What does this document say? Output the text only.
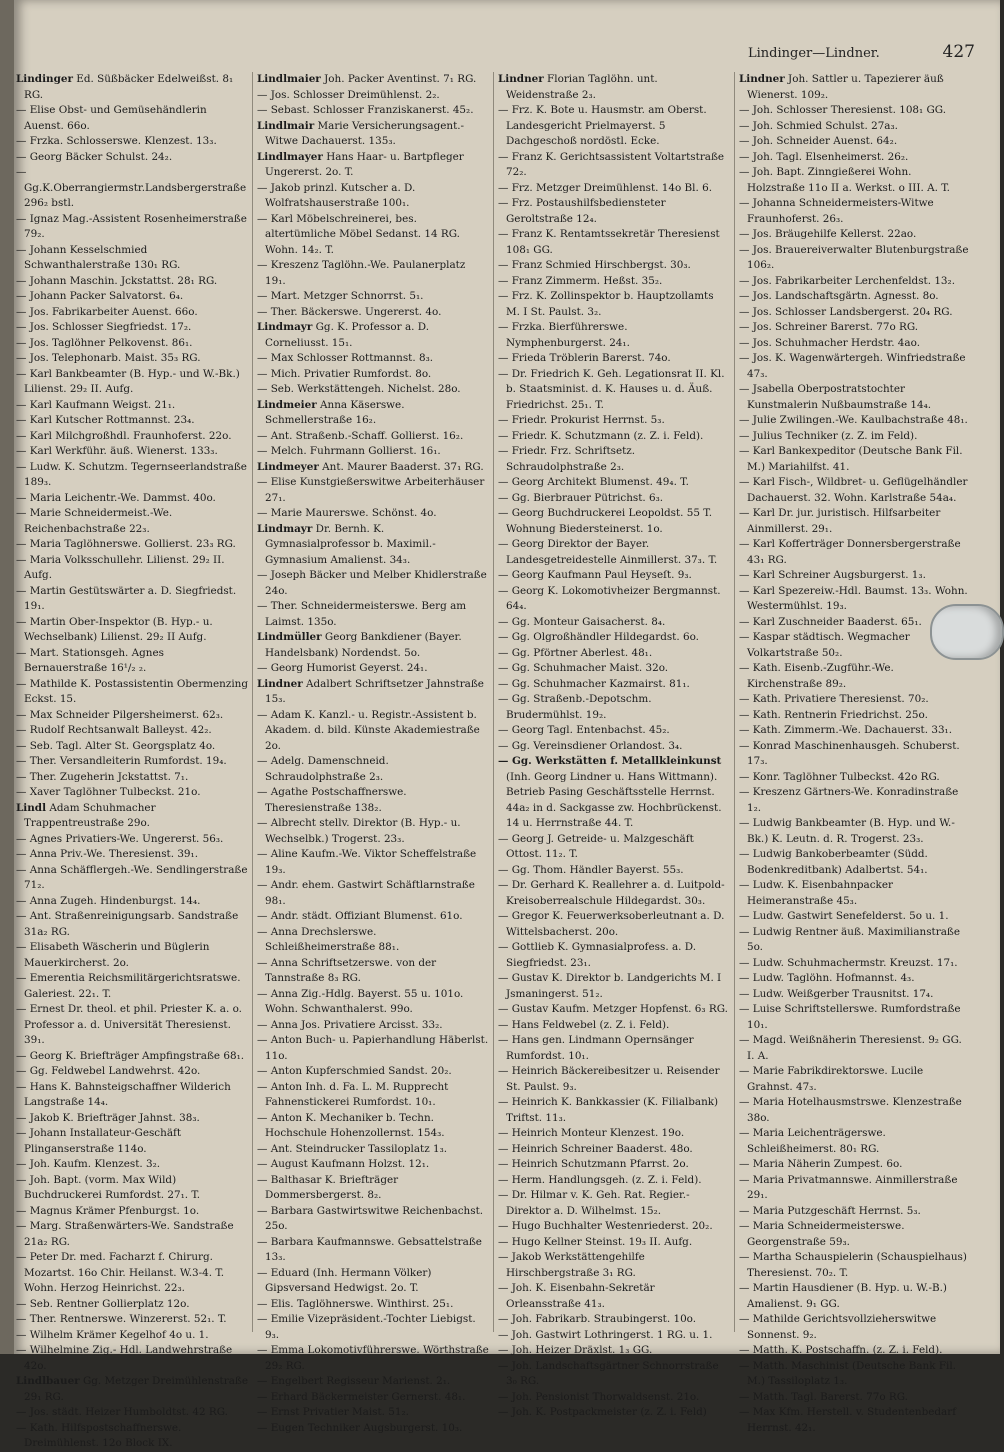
Lindinger—Lindner.	427

Lindinger Ed. Süßbäcker Edelweißst. 8₁ RG.

— Elise Obst- und Gemüsehändlerin Auenst. 66o.

— Frzka. Schlosserswe. Klenzest. 13₃.

— Georg Bäcker Schulst. 24₂.

— Gg.K.Oberrangiermstr.Landsbergerstraße 296₂ bstl.

— Ignaz Mag.-Assistent Rosenheimerstraße 79₂.

— Johann Kesselschmied Schwanthalerstraße 130₁ RG.

— Johann Maschin. Jckstattst. 28₁ RG.

— Johann Packer Salvatorst. 6₄.

— Jos. Fabrikarbeiter Auenst. 66o.

— Jos. Schlosser Siegfriedst. 17₂.

— Jos. Taglöhner Pelkovenst. 86₁.

— Jos. Telephonarb. Maist. 35₃ RG.

— Karl Bankbeamter (B. Hyp.- und W.-Bk.) Lilienst. 29₂ II. Aufg.

— Karl Kaufmann Weigst. 21₁.

— Karl Kutscher Rottmannst. 23₄.

— Karl Milchgroßhdl. Fraunhoferst. 22o.

— Karl Werkführ. äuß. Wienerst. 133₃.

— Ludw. K. Schutzm. Tegernseerlandstraße 189₃.

— Maria Leichentr.-We. Dammst. 40o.

— Marie Schneidermeist.-We. Reichenbachstraße 22₃.

— Maria Taglöhnerswe. Gollierst. 23₃ RG.

— Maria Volksschullehr. Lilienst. 29₂ II. Aufg.

— Martin Gestütswärter a. D. Siegfriedst. 19₁.

— Martin Ober-Inspektor (B. Hyp.- u. Wechselbank) Lilienst. 29₂ II Aufg.

— Mart. Stationsgeh. Agnes Bernauerstraße 16¹/₂ ₂.

— Mathilde K. Postassistentin Obermenzing Eckst. 15.

— Max Schneider Pilgersheimerst. 62₃.

— Rudolf Rechtsanwalt Balleyst. 42₂.

— Seb. Tagl. Alter St. Georgsplatz 4o.

— Ther. Versandleiterin Rumfordst. 19₄.

— Ther. Zugeherin Jckstattst. 7₁.

— Xaver Taglöhner Tulbeckst. 21o.

Lindl Adam Schuhmacher Trappentreustraße 29o.

— Agnes Privatiers-We. Ungererst. 56₃.

— Anna Priv.-We. Theresienst. 39₁.

— Anna Schäfflergeh.-We. Sendlingerstraße 71₂.

— Anna Zugeh. Hindenburgst. 14₄.

— Ant. Straßenreinigungsarb. Sandstraße 31a₂ RG.

— Elisabeth Wäscherin und Büglerin Mauerkircherst. 2o.

— Emerentia Reichsmilitärgerichtsratswe. Galeriest. 22₁. T.

— Ernest Dr. theol. et phil. Priester K. a. o. Professor a. d. Universität Theresienst. 39₁.

— Georg K. Briefträger Ampfingstraße 68₁.

— Gg. Feldwebel Landwehrst. 42o.

— Hans K. Bahnsteigschaffner Wilderich Langstraße 14₄.

— Jakob K. Briefträger Jahnst. 38₃.

— Johann Installateur-Geschäft Plinganserstraße 114o.

— Joh. Kaufm. Klenzest. 3₂.

— Joh. Bapt. (vorm. Max Wild) Buchdruckerei Rumfordst. 27₁. T.

— Magnus Krämer Pfenburgst. 1o.

— Marg. Straßenwärters-We. Sandstraße 21a₂ RG.

— Peter Dr. med. Facharzt f. Chirurg. Mozartst. 16o Chir. Heilanst. W.3-4. T. Wohn. Herzog Heinrichst. 22₃.

— Seb. Rentner Gollierplatz 12o.

— Ther. Rentnerswe. Winzererst. 52₁. T.

— Wilhelm Krämer Kegelhof 4o u. 1.

— Wilhelmine Zig.- Hdl. Landwehrstraße 42o.

Lindlbauer Gg. Metzger Dreimühlenstraße 29₁ RG.

— Jos. städt. Heizer Humboldtst. 42 RG.

— Kath. Hilfspostschaffnerswe. Dreimühlenst. 12o Block IX.

Lindlmaier Joh. Packer Aventinst. 7₁ RG.

— Jos. Schlosser Dreimühlenst. 2₂.

— Sebast. Schlosser Franziskanerst. 45₂.

Lindlmair Marie Versicherungsagent.-Witwe Dachauerst. 135₃.

Lindlmayer Hans Haar- u. Bartpfleger Ungererst. 2o. T.

— Jakob prinzl. Kutscher a. D. Wolfratshauserstraße 100₁.

— Karl Möbelschreinerei, bes. altertümliche Möbel Sedanst. 14 RG. Wohn. 14₂. T.

— Kreszenz Taglöhn.-We. Paulanerplatz 19₁.

— Mart. Metzger Schnorrst. 5₁.

— Ther. Bäckerswe. Ungererst. 4o.

Lindmayr Gg. K. Professor a. D. Corneliusst. 15₁.

— Max Schlosser Rottmannst. 8₃.

— Mich. Privatier Rumfordst. 8o.

— Seb. Werkstättengeh. Nichelst. 28o.

Lindmeier Anna Käserswe. Schmellerstraße 16₂.

— Ant. Straßenb.-Schaff. Gollierst. 16₂.

— Melch. Fuhrmann Gollierst. 16₁.

Lindmeyer Ant. Maurer Baaderst. 37₁ RG.

— Elise Kunstgießerswitwe Arbeiterhäuser 27₁.

— Marie Maurerswe. Schönst. 4o.

Lindmayr Dr. Bernh. K. Gymnasialprofessor b. Maximil.-Gymnasium Amalienst. 34₃.

— Joseph Bäcker und Melber Khidlerstraße 24o.

— Ther. Schneidermeisterswe. Berg am Laimst. 135o.

Lindmüller Georg Bankdiener (Bayer. Handelsbank) Nordendst. 5o.

— Georg Humorist Geyerst. 24₁.

Lindner Adalbert Schriftsetzer Jahnstraße 15₃.

— Adam K. Kanzl.- u. Registr.-Assistent b. Akadem. d. bild. Künste Akademiestraße 2o.

— Adelg. Damenschneid. Schraudolphstraße 2₃.

— Agathe Postschaffnerswe. Theresienstraße 138₂.

— Albrecht stellv. Direktor (B. Hyp.- u. Wechselbk.) Trogerst. 23₃.

— Aline Kaufm.-We. Viktor Scheffelstraße 19₃.

— Andr. ehem. Gastwirt Schäftlarnstraße 98₁.

— Andr. städt. Offiziant Blumenst. 61o.

— Anna Drechslerswe. Schleißheimerstraße 88₁.

— Anna Schriftsetzerswe. von der Tannstraße 8₃ RG.

— Anna Zig.-Hdlg. Bayerst. 55 u. 101o. Wohn. Schwanthalerst. 99o.

— Anna Jos. Privatiere Arcisst. 33₂.

— Anton Buch- u. Papierhandlung Häberlst. 11o.

— Anton Kupferschmied Sandst. 20₂.

— Anton Inh. d. Fa. L. M. Rupprecht Fahnenstickerei Rumfordst. 10₁.

— Anton K. Mechaniker b. Techn. Hochschule Hohenzollernst. 154₃.

— Ant. Steindrucker Tassiloplatz 1₃.

— August Kaufmann Holzst. 12₁.

— Balthasar K. Briefträger Dommersbergerst. 8₂.

— Barbara Gastwirtswitwe Reichenbachst. 25o.

— Barbara Kaufmannswe. Gebsattelstraße 13₃.

— Eduard (Inh. Hermann Völker) Gipsversand Hedwigst. 2o. T.

— Elis. Taglöhnerswe. Winthirst. 25₁.

— Emilie Vizepräsident.-Tochter Liebigst. 9₃.

— Emma Lokomotivführerswe. Wörthstraße 29₂ RG.

— Engelbert Regisseur Marienst. 2₁.

— Erhard Bäckermeister Gernerst. 48₁.

— Ernst Privatier Maist. 51₂.

— Eugen Techniker Augsburgerst. 10₃.

Lindner Florian Taglöhn. unt. Weidenstraße 2₃.

— Frz. K. Bote u. Hausmstr. am Oberst. Landesgericht Prielmayerst. 5 Dachgeschoß nordöstl. Ecke.

— Franz K. Gerichtsassistent Voltartstraße 72₂.

— Frz. Metzger Dreimühlenst. 14o Bl. 6.

— Frz. Postaushilfsbediensteter Geroltstraße 12₄.

— Franz K. Rentamtssekretär Theresienst 108₁ GG.

— Franz Schmied Hirschbergst. 30₃.

— Franz Zimmerm. Heßst. 35₂.

— Frz. K. Zollinspektor b. Hauptzollamts M. I St. Paulst. 3₂.

— Frzka. Bierführerswe. Nymphenburgerst. 24₁.

— Frieda Tröblerin Barerst. 74o.

— Dr. Friedrich K. Geh. Legationsrat II. Kl. b. Staatsminist. d. K. Hauses u. d. Äuß. Friedrichst. 25₁. T.

— Friedr. Prokurist Herrnst. 5₃.

— Friedr. K. Schutzmann (z. Z. i. Feld).

— Friedr. Frz. Schriftsetz. Schraudolphstraße 2₃.

— Georg Architekt Blumenst. 49₄. T.

— Gg. Bierbrauer Pütrichst. 6₃.

— Georg Buchdruckerei Leopoldst. 55 T. Wohnung Biedersteinerst. 1o.

— Georg Direktor der Bayer. Landesgetreidestelle Ainmillerst. 37₃. T.

— Georg Kaufmann Paul Heyseſt. 9₃.

— Georg K. Lokomotivheizer Bergmannst. 64₄.

— Gg. Monteur Gaisacherst. 8₄.

— Gg. Olgroßhändler Hildegardst. 6o.

— Gg. Pförtner Aberlest. 48₁.

— Gg. Schuhmacher Maist. 32o.

— Gg. Schuhmacher Kazmairst. 81₁.

— Gg. Straßenb.-Depotschm. Brudermühlst. 19₂.

— Georg Tagl. Entenbachst. 45₂.

— Gg. Vereinsdiener Orlandost. 3₄.

— Gg. Werkstätten f. Metallkleinkunst (Inh. Georg Lindner u. Hans Wittmann). Betrieb Pasing Geschäftsstelle Herrnst. 44a₂ in d. Sackgasse zw. Hochbrückenst. 14 u. Herrnstraße 44. T.

— Georg J. Getreide- u. Malzgeschäft Ottost. 11₂. T.

— Gg. Thom. Händler Bayerst. 55₃.

— Dr. Gerhard K. Reallehrer a. d. Luitpold-Kreisoberrealschule Hildegardst. 30₃.

— Gregor K. Feuerwerksoberleutnant a. D. Wittelsbacherst. 20o.

— Gottlieb K. Gymnasialprofess. a. D. Siegfriedst. 23₁.

— Gustav K. Direktor b. Landgerichts M. I Jsmaningerst. 51₂.

— Gustav Kaufm. Metzger Hopfenst. 6₃ RG.

— Hans Feldwebel (z. Z. i. Feld).

— Hans gen. Lindmann Opernsänger Rumfordst. 10₁.

— Heinrich Bäckereibesitzer u. Reisender St. Paulst. 9₃.

— Heinrich K. Bankkassier (K. Filialbank) Triftst. 11₃.

— Heinrich Monteur Klenzest. 19o.

— Heinrich Schreiner Baaderst. 48o.

— Heinrich Schutzmann Pfarrst. 2o.

— Herm. Handlungsgeh. (z. Z. i. Feld).

— Dr. Hilmar v. K. Geh. Rat. Regier.-Direktor a. D. Wilhelmst. 15₂.

— Hugo Buchhalter Westenriederst. 20₂.

— Hugo Kellner Steinst. 19₃ II. Aufg.

— Jakob Werkstättengehilfe Hirschbergstraße 3₁ RG.

— Joh. K. Eisenbahn-Sekretär Orleansstraße 41₃.

— Joh. Fabrikarb. Straubingerst. 10o.

— Joh. Gastwirt Lothringerst. 1 RG. u. 1.

— Joh. Heizer Dräxlst. 1₃ GG.

— Joh. Landschaftsgärtner Schnorrstraße 3₀ RG.

— Joh. Pensionist Thorwaldsenst. 21o.

— Joh. K. Postpackmeister (z. Z. i. Feld)

Lindner Joh. Sattler u. Tapezierer äuß Wienerst. 109₂.

— Joh. Schlosser Theresienst. 108₁ GG.

— Joh. Schmied Schulst. 27a₃.

— Joh. Schneider Auenst. 64₂.

— Joh. Tagl. Elsenheimerst. 26₂.

— Joh. Bapt. Zinngießerei Wohn. Holzstraße 11o II a. Werkst. o III. A. T.

— Johanna Schneidermeisters-Witwe Fraunhoferst. 26₃.

— Jos. Bräugehilfe Kellerst. 22ao.

— Jos. Brauereiverwalter Blutenburgstraße 106₂.

— Jos. Fabrikarbeiter Lerchenfeldst. 13₂.

— Jos. Landschaftsgärtn. Agnesst. 8o.

— Jos. Schlosser Landsbergerst. 20₄ RG.

— Jos. Schreiner Barerst. 77o RG.

— Jos. Schuhmacher Herdstr. 4ao.

— Jos. K. Wagenwärtergeh. Winfriedstraße 47₃.

— Jsabella Oberpostratstochter Kunstmalerin Nußbaumstraße 14₄.

— Julie Zwilingen.-We. Kaulbachstraße 48₁.

— Julius Techniker (z. Z. im Feld).

— Karl Bankexpeditor (Deutsche Bank Fil. M.) Mariahilfst. 41.

— Karl Fisch-, Wildbret- u. Geflügelhändler Dachauerst. 32. Wohn. Karlstraße 54a₄.

— Karl Dr. jur. juristisch. Hilfsarbeiter Ainmillerst. 29₁.

— Karl Kofferträger Donnersbergerstraße 43₁ RG.

— Karl Schreiner Augsburgerst. 1₃.

— Karl Spezereiw.-Hdl. Baumst. 13₃. Wohn. Westermühlst. 19₃.

— Karl Zuschneider Baaderst. 65₁.

— Kaspar städtisch. Wegmacher Volkartstraße 50₂.

— Kath. Eisenb.-Zugführ.-We. Kirchenstraße 89₂.

— Kath. Privatiere Theresienst. 70₂.

— Kath. Rentnerin Friedrichst. 25o.

— Kath. Zimmerm.-We. Dachauerst. 33₁.

— Konrad Maschinenhausgeh. Schuberst. 17₃.

— Konr. Taglöhner Tulbeckst. 42o RG.

— Kreszenz Gärtners-We. Konradinstraße 1₂.

— Ludwig Bankbeamter (B. Hyp. und W.-Bk.) K. Leutn. d. R. Trogerst. 23₃.

— Ludwig Bankoberbeamter (Südd. Bodenkreditbank) Adalbertst. 54₁.

— Ludw. K. Eisenbahnpacker Heimeranstraße 45₃.

— Ludw. Gastwirt Senefelderst. 5o u. 1.

— Ludwig Rentner äuß. Maximilianstraße 5o.

— Ludw. Schuhmachermstr. Kreuzst. 17₁.

— Ludw. Taglöhn. Hofmannst. 4₃.

— Ludw. Weißgerber Trausnitst. 17₄.

— Luise Schriftstellerswe. Rumfordstraße 10₁.

— Magd. Weißnäherin Theresienst. 9₂ GG. I. A.

— Marie Fabrikdirektorswe. Lucile Grahnst. 47₃.

— Maria Hotelhausmstrswe. Klenzestraße 38o.

— Maria Leichenträgerswe. Schleißheimerst. 80₁ RG.

— Maria Näherin Zumpest. 6o.

— Maria Privatmannswe. Ainmillerstraße 29₁.

— Maria Putzgeschäft Herrnst. 5₃.

— Maria Schneidermeisterswe. Georgenstraße 59₃.

— Martha Schauspielerin (Schauspielhaus) Theresienst. 70₂. T.

— Martin Hausdiener (B. Hyp. u. W.-B.) Amalienst. 9₁ GG.

— Mathilde Gerichtsvollzieherswitwe Sonnenst. 9₂.

— Matth. K. Postschaffn. (z. Z. i. Feld).

— Matth. Maschinist (Deutsche Bank Fil. M.) Tassiloplatz 1₃.

— Matth. Tagl. Barerst. 77o RG.

— Max Kfm. Herstell. v. Studentenbedarf Herrnst. 42₁.
